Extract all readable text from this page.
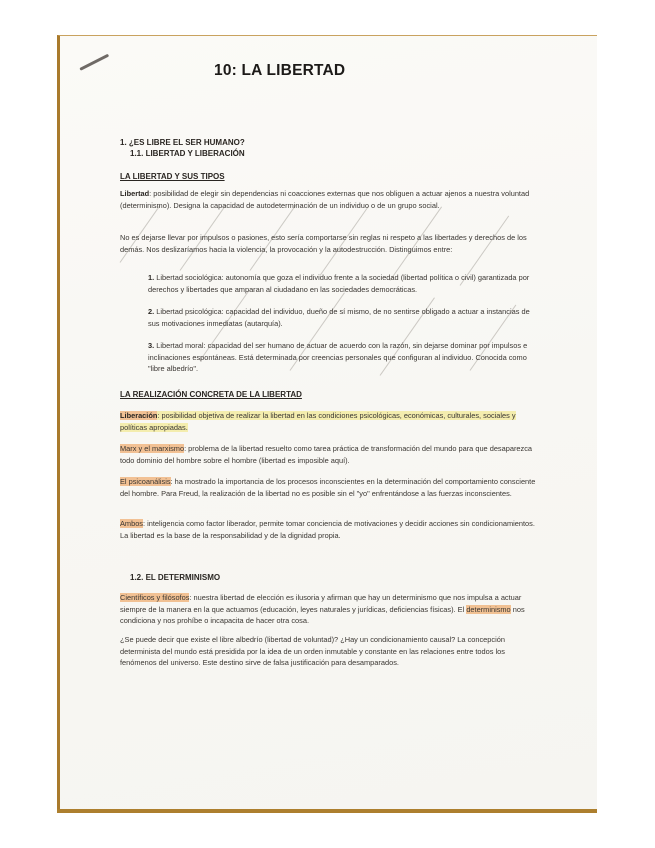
10: LA LIBERTAD
1. ¿ES LIBRE EL SER HUMANO?
1.1. LIBERTAD Y LIBERACIÓN
LA LIBERTAD Y SUS TIPOS
Libertad: posibilidad de elegir sin dependencias ni coacciones externas que nos obliguen a actuar ajenos a nuestra voluntad (determinismo). Designa la capacidad de autodeterminación de un individuo o de un grupo social.
No es dejarse llevar por impulsos o pasiones, esto sería comportarse sin reglas ni respeto a las libertades y derechos de los demás. Nos deslizaríamos hacia la violencia, la provocación y la autodestrucción. Distinguimos entre:
1. Libertad sociológica: autonomía que goza el individuo frente a la sociedad (libertad política o civil) garantizada por derechos y libertades que amparan al ciudadano en las sociedades democráticas.
2. Libertad psicológica: capacidad del individuo, dueño de sí mismo, de no sentirse obligado a actuar a instancias de sus motivaciones inmediatas (autarquía).
3. Libertad moral: capacidad del ser humano de actuar de acuerdo con la razón, sin dejarse dominar por impulsos e inclinaciones espontáneas. Está determinada por creencias personales que configuran al individuo. Conocida como "libre albedrío".
LA REALIZACIÓN CONCRETA DE LA LIBERTAD
Liberación: posibilidad objetiva de realizar la libertad en las condiciones psicológicas, económicas, culturales, sociales y políticas apropiadas.
Marx y el marxismo: problema de la libertad resuelto como tarea práctica de transformación del mundo para que desaparezca todo dominio del hombre sobre el hombre (libertad es imposible aquí).
El psicoanálisis: ha mostrado la importancia de los procesos inconscientes en la determinación del comportamiento consciente del hombre. Para Freud, la realización de la libertad no es posible sin el "yo" enfrentándose a las fuerzas inconscientes.
Ambos: inteligencia como factor liberador, permite tomar conciencia de motivaciones y decidir acciones sin condicionamientos. La libertad es la base de la responsabilidad y de la dignidad propia.
1.2. EL DETERMINISMO
Científicos y filósofos: nuestra libertad de elección es ilusoria y afirman que hay un determinismo que nos impulsa a actuar siempre de la manera en la que actuamos (educación, leyes naturales y jurídicas, deficiencias físicas). El determinismo nos condiciona y nos prohíbe o incapacita de hacer otra cosa.
¿Se puede decir que existe el libre albedrío (libertad de voluntad)? ¿Hay un condicionamiento causal? La concepción determinista del mundo está presidida por la idea de un orden inmutable y constante en las relaciones entre todos los fenómenos del universo. Este destino sirve de falsa justificación para desamparados.
